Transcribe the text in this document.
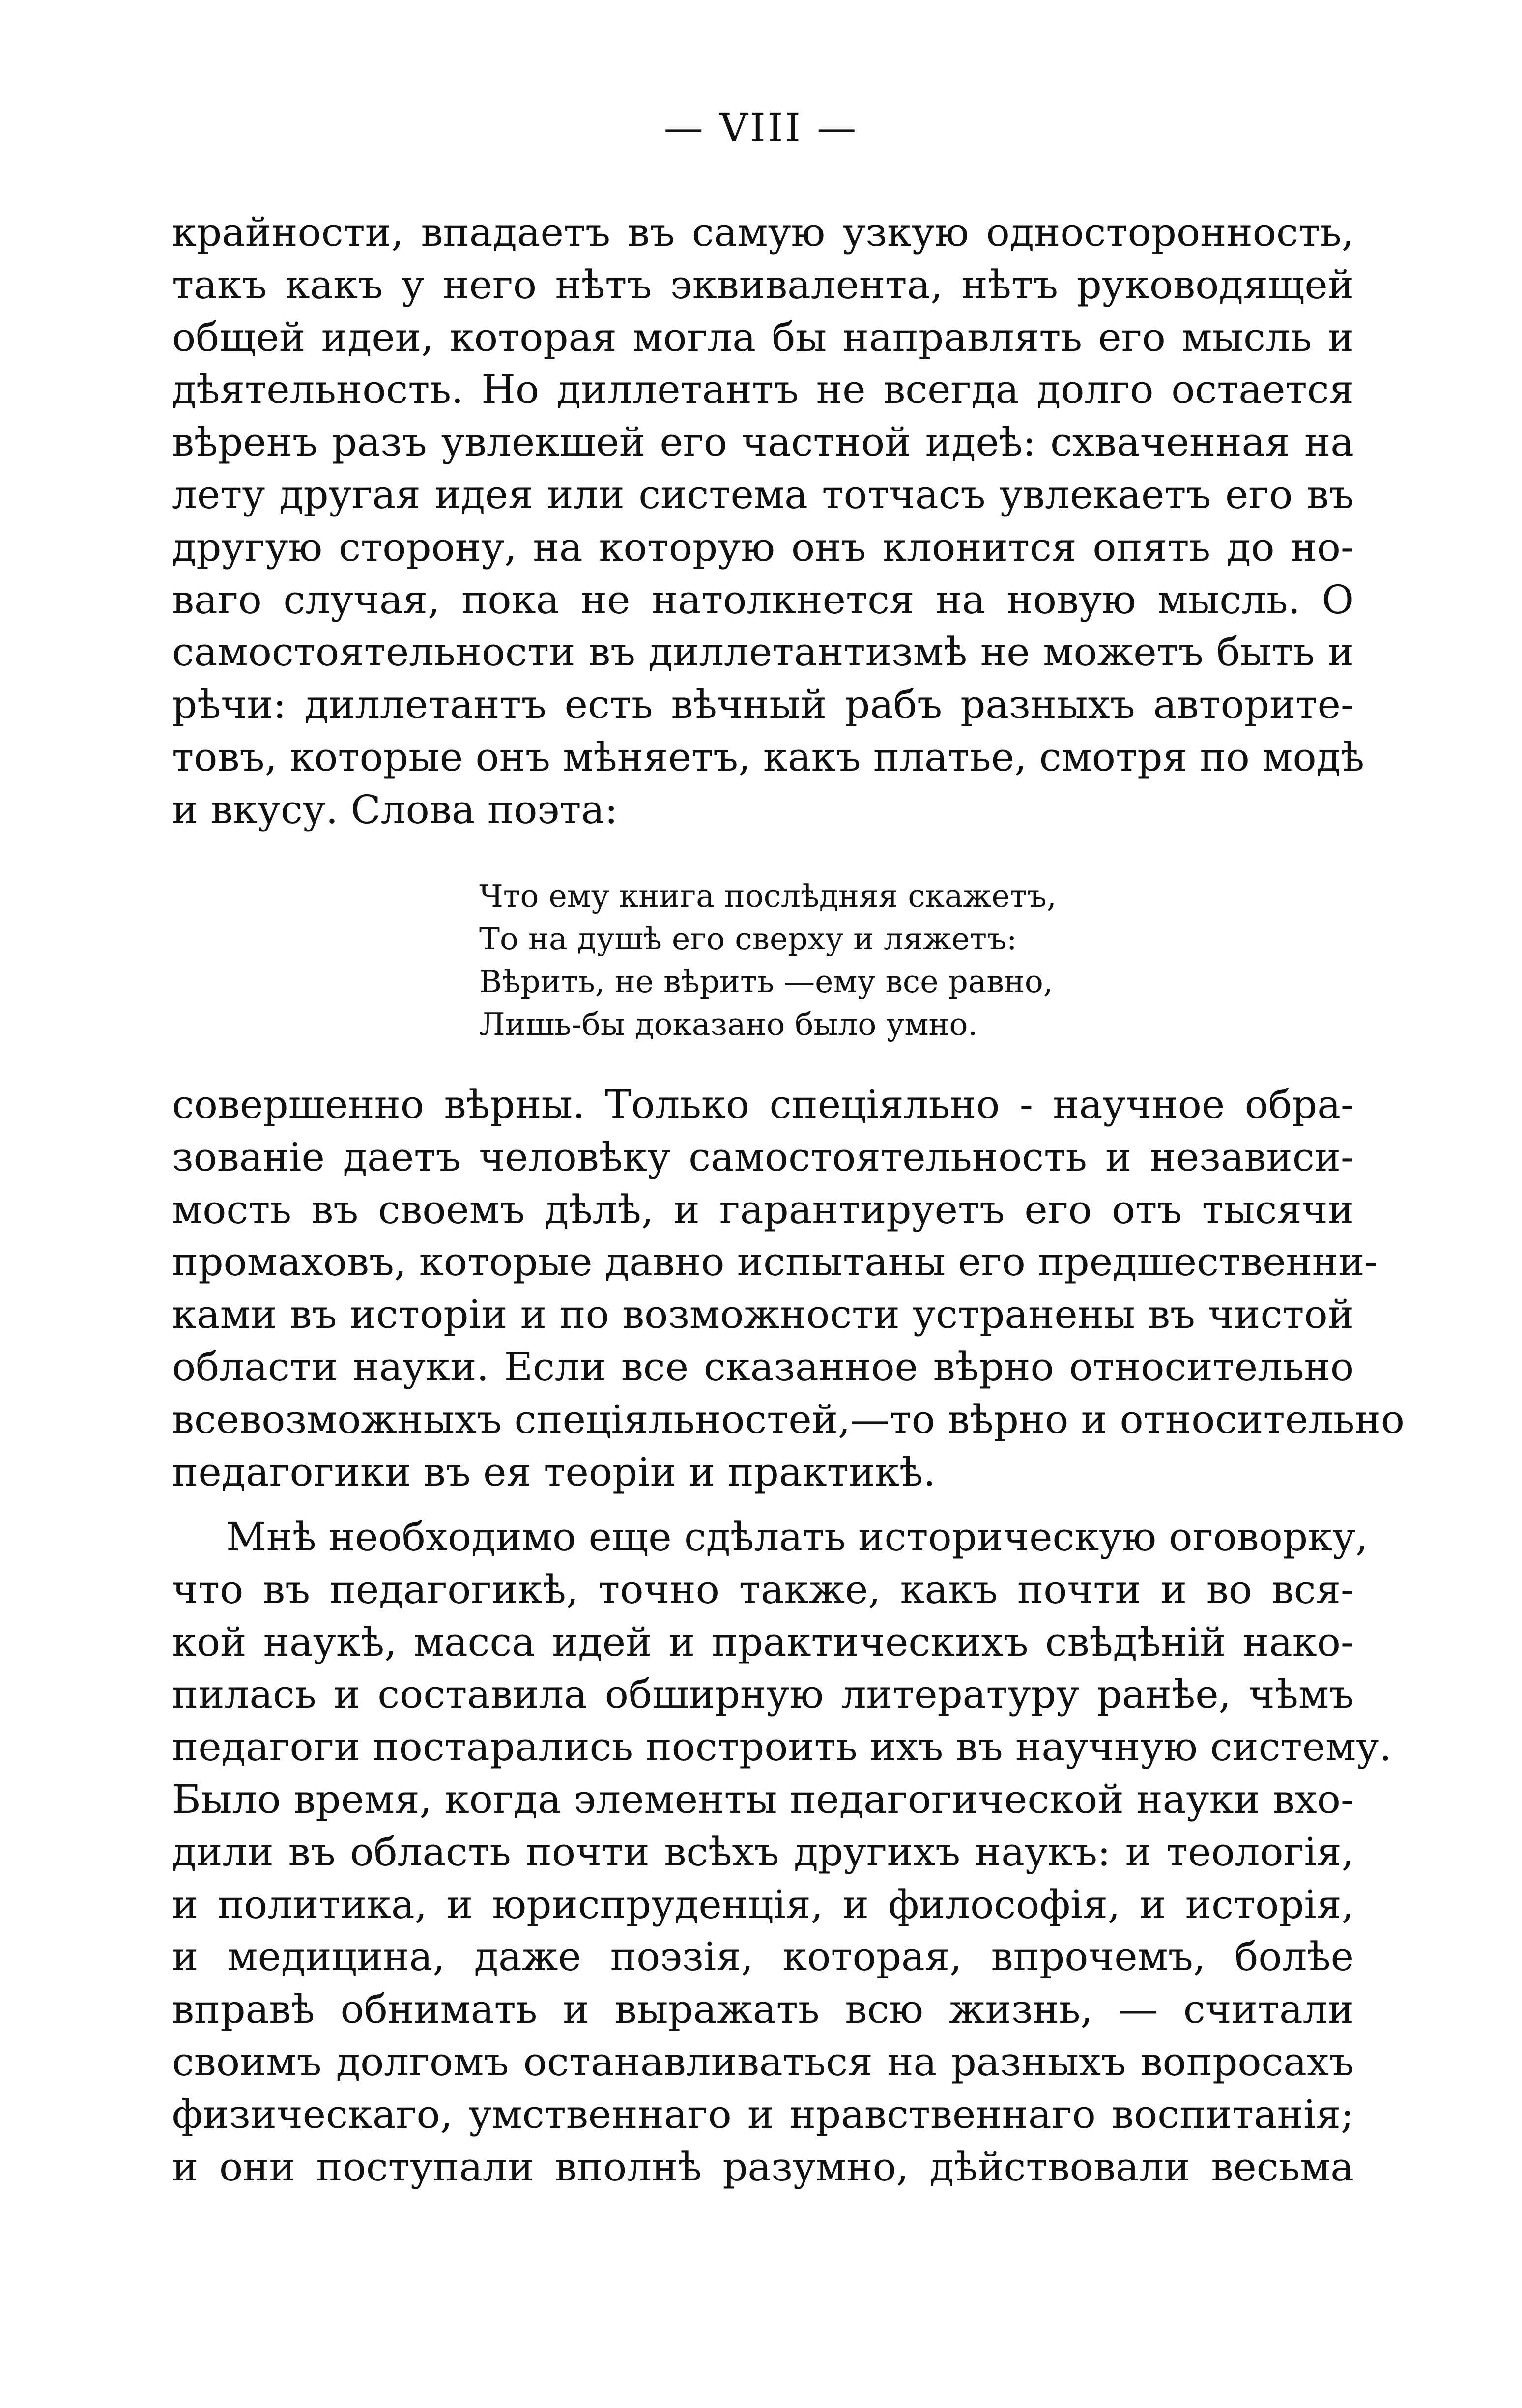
— VIII —
крайности, впадаетъ въ самую узкую односторонность,
такъ какъ у него нѣтъ эквивалента, нѣтъ руководящей
общей идеи, которая могла бы направлять его мысль и
дѣятельность. Но диллетантъ не всегда долго остается
вѣренъ разъ увлекшей его частной идеѣ: схваченная на
лету другая идея или система тотчасъ увлекаетъ его въ
другую сторону, на которую онъ клонится опять до но-
ваго случая, пока не натолкнется на новую мысль. О
самостоятельности въ диллетантизмѣ не можетъ быть и
рѣчи: диллетантъ есть вѣчный рабъ разныхъ авторите-
товъ, которые онъ мѣняетъ, какъ платье, смотря по модѣ
и вкусу. Слова поэта:
Что ему книга послѣдняя скажетъ,
То на душѣ его сверху и ляжетъ:
Вѣрить, не вѣрить —ему все равно,
Лишь-бы доказано было умно.
совершенно вѣрны. Только спеціяльно - научное обра-
зованіе даетъ человѣку самостоятельность и независи-
мость въ своемъ дѣлѣ, и гарантируетъ его отъ тысячи
промаховъ, которые давно испытаны его предшественни-
ками въ исторіи и по возможности устранены въ чистой
области науки. Если все сказанное вѣрно относительно
всевозможныхъ спеціяльностей,—то вѣрно и относительно
педагогики въ ея теоріи и практикѣ.
Мнѣ необходимо еще сдѣлать историческую оговорку,
что въ педагогикѣ, точно также, какъ почти и во вся-
кой наукѣ, масса идей и практическихъ свѣдѣній нако-
пилась и составила обширную литературу ранѣе, чѣмъ
педагоги постарались построить ихъ въ научную систему.
Было время, когда элементы педагогической науки вхо-
дили въ область почти всѣхъ другихъ наукъ: и теологія,
и политика, и юриспруденція, и философія, и исторія,
и медицина, даже поэзія, которая, впрочемъ, болѣе
вправѣ обнимать и выражать всю жизнь, — считали
своимъ долгомъ останавливаться на разныхъ вопросахъ
физическаго, умственнаго и нравственнаго воспитанія;
и они поступали вполнѣ разумно, дѣйствовали весьма
